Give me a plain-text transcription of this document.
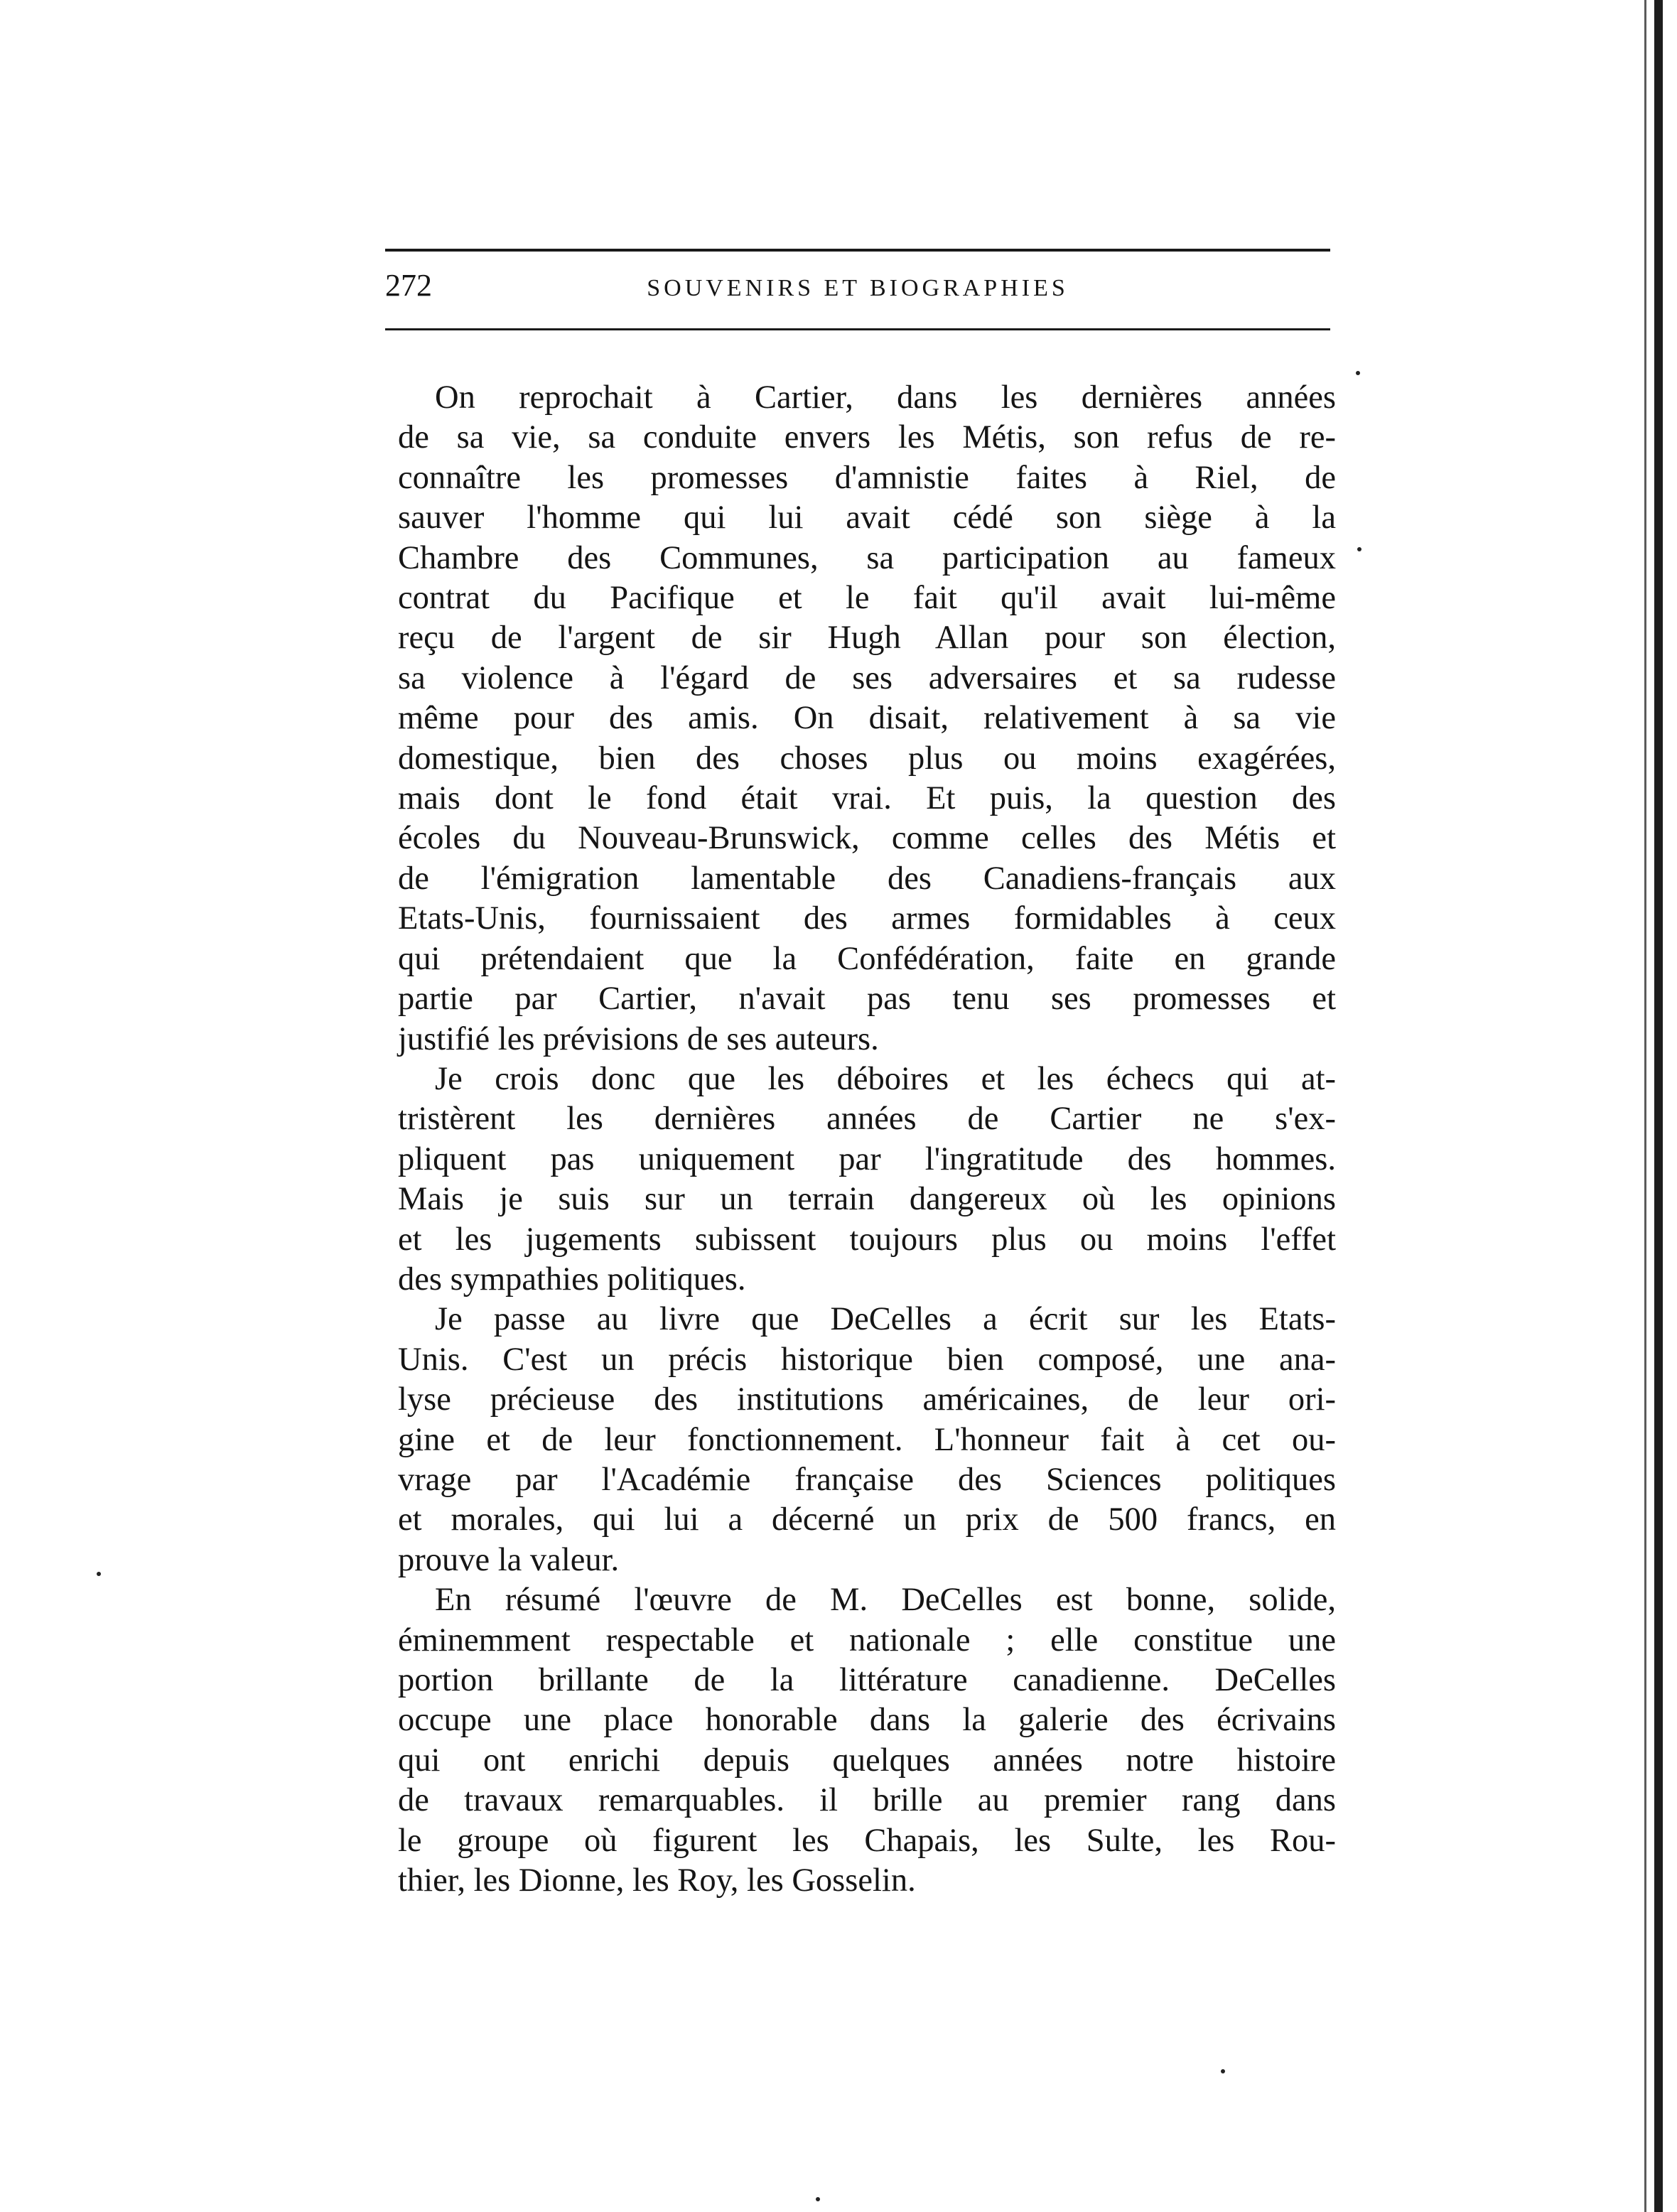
272	SOUVENIRS ET BIOGRAPHIES

On reprochait à Cartier, dans les dernières années
de sa vie, sa conduite envers les Métis, son refus de re-
connaître les promesses d'amnistie faites à Riel, de
sauver l'homme qui lui avait cédé son siège à la
Chambre des Communes, sa participation au fameux
contrat du Pacifique et le fait qu'il avait lui-même
reçu de l'argent de sir Hugh Allan pour son élection,
sa violence à l'égard de ses adversaires et sa rudesse
même pour des amis. On disait, relativement à sa vie
domestique, bien des choses plus ou moins exagérées,
mais dont le fond était vrai. Et puis, la question des
écoles du Nouveau-Brunswick, comme celles des Métis et
de l'émigration lamentable des Canadiens-français aux
Etats-Unis, fournissaient des armes formidables à ceux
qui prétendaient que la Confédération, faite en grande
partie par Cartier, n'avait pas tenu ses promesses et
justifié les prévisions de ses auteurs.

Je crois donc que les déboires et les échecs qui at-
tristèrent les dernières années de Cartier ne s'ex-
pliquent pas uniquement par l'ingratitude des hommes.
Mais je suis sur un terrain dangereux où les opinions
et les jugements subissent toujours plus ou moins l'effet
des sympathies politiques.

Je passe au livre que DeCelles a écrit sur les Etats-
Unis. C'est un précis historique bien composé, une ana-
lyse précieuse des institutions américaines, de leur ori-
gine et de leur fonctionnement. L'honneur fait à cet ou-
vrage par l'Académie française des Sciences politiques
et morales, qui lui a décerné un prix de 500 francs, en
prouve la valeur.

En résumé l'œuvre de M. DeCelles est bonne, solide,
éminemment respectable et nationale ; elle constitue une
portion brillante de la littérature canadienne. DeCelles
occupe une place honorable dans la galerie des écrivains
qui ont enrichi depuis quelques années notre histoire
de travaux remarquables. il brille au premier rang dans
le groupe où figurent les Chapais, les Sulte, les Rou-
thier, les Dionne, les Roy, les Gosselin.
